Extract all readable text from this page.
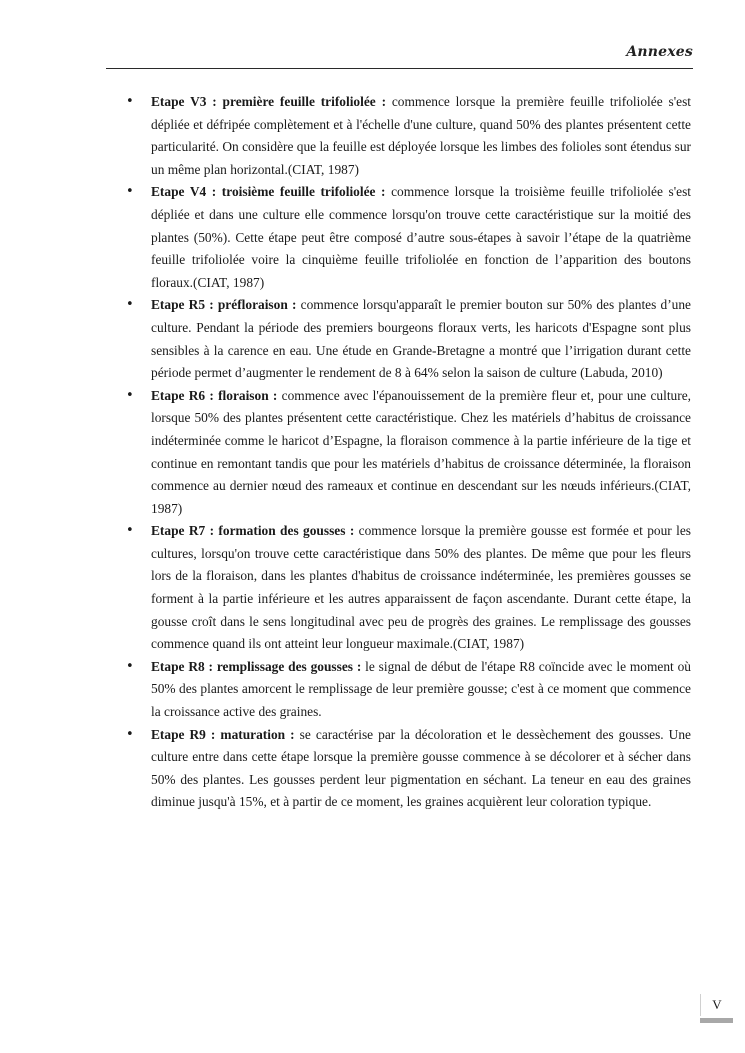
Annexes
• Etape V3 : première feuille trifoliolée : commence lorsque la première feuille trifoliolée s'est dépliée et défripée complètement et à l'échelle d'une culture, quand 50% des plantes présentent cette particularité. On considère que la feuille est déployée lorsque les limbes des folioles sont étendus sur un même plan horizontal.(CIAT, 1987)
• Etape V4 : troisième feuille trifoliolée : commence lorsque la troisième feuille trifoliolée s'est dépliée et dans une culture elle commence lorsqu'on trouve cette caractéristique sur la moitié des plantes (50%). Cette étape peut être composé d’autre sous-étapes à savoir l’étape de la quatrième feuille trifoliolée voire la cinquième feuille trifoliolée en fonction de l’apparition des boutons floraux.(CIAT, 1987)
• Etape R5 : préfloraison : commence lorsqu'apparaît le premier bouton sur 50% des plantes d’une culture. Pendant la période des premiers bourgeons floraux verts, les haricots d'Espagne sont plus sensibles à la carence en eau. Une étude en Grande-Bretagne a montré que l’irrigation durant cette période permet d’augmenter le rendement de 8 à 64% selon la saison de culture (Labuda, 2010)
• Etape R6 : floraison : commence avec l'épanouissement de la première fleur et, pour une culture, lorsque 50% des plantes présentent cette caractéristique. Chez les matériels d’habitus de croissance indéterminée comme le haricot d’Espagne, la floraison commence à la partie inférieure de la tige et continue en remontant tandis que pour les matériels d’habitus de croissance déterminée, la floraison commence au dernier nœud des rameaux et continue en descendant sur les nœuds inférieurs.(CIAT, 1987)
• Etape R7 : formation des gousses : commence lorsque la première gousse est formée et pour les cultures, lorsqu'on trouve cette caractéristique dans 50% des plantes. De même que pour les fleurs lors de la floraison, dans les plantes d'habitus de croissance indéterminée, les premières gousses se forment à la partie inférieure et les autres apparaissent de façon ascendante. Durant cette étape, la gousse croît dans le sens longitudinal avec peu de progrès des graines. Le remplissage des gousses commence quand ils ont atteint leur longueur maximale.(CIAT, 1987)
• Etape R8 : remplissage des gousses : le signal de début de l'étape R8 coïncide avec le moment où 50% des plantes amorcent le remplissage de leur première gousse; c'est à ce moment que commence la croissance active des graines.
• Etape R9 : maturation : se caractérise par la décoloration et le dessèchement des gousses. Une culture entre dans cette étape lorsque la première gousse commence à se décolorer et à sécher dans 50% des plantes. Les gousses perdent leur pigmentation en séchant. La teneur en eau des graines diminue jusqu'à 15%, et à partir de ce moment, les graines acquièrent leur coloration typique.
V
